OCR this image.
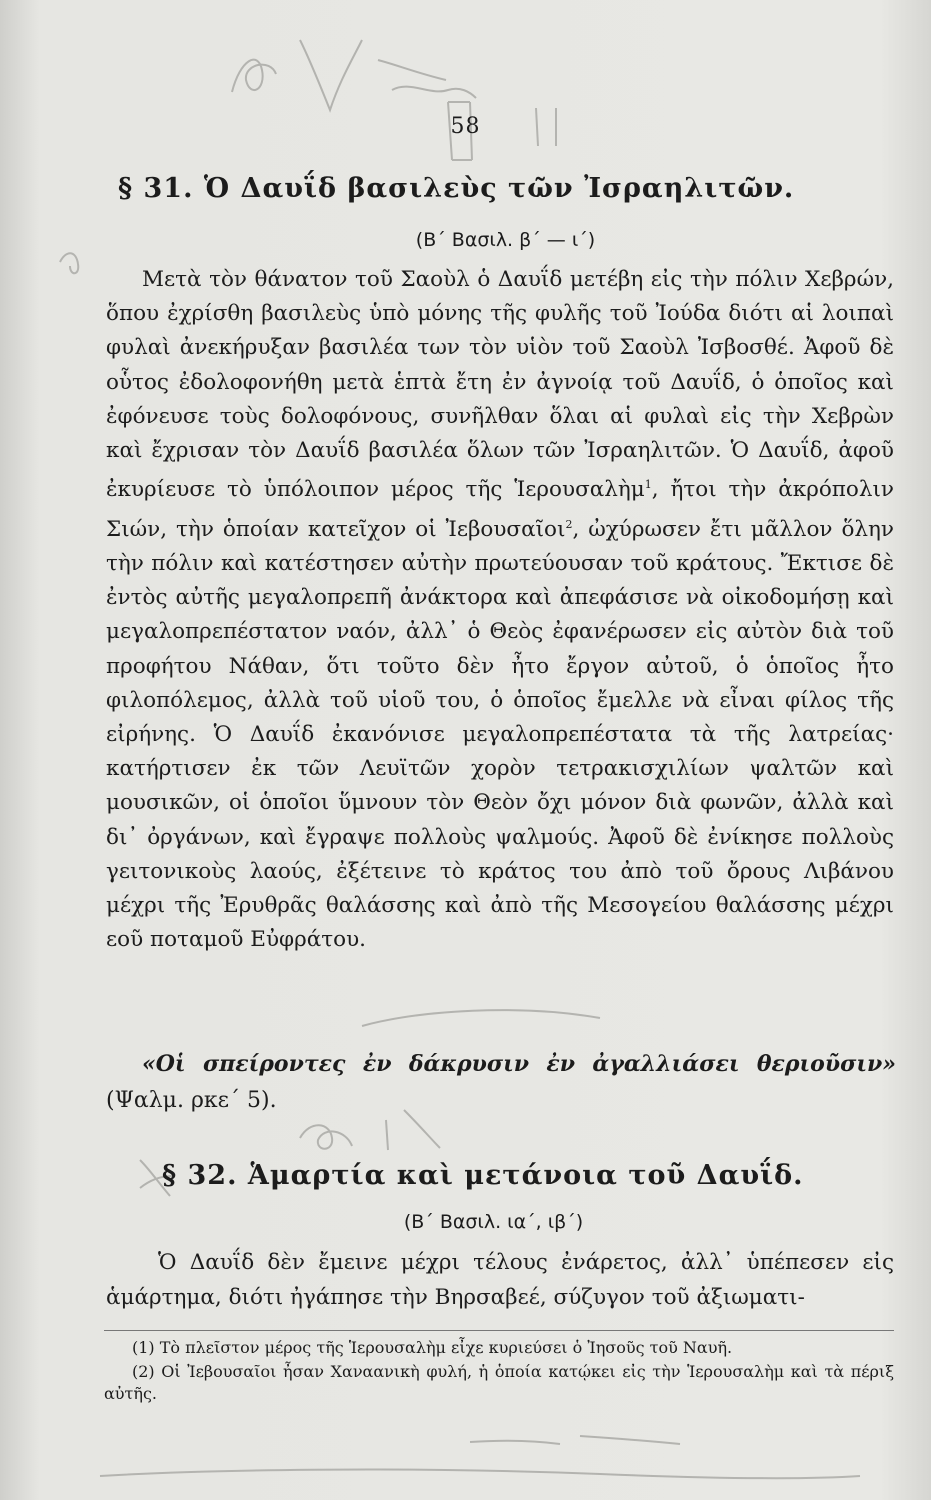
58
§ 31. Ὁ Δαυΐδ βασιλεὺς τῶν Ἰσραηλιτῶν.
(Β΄ Βασιλ. β΄ — ι΄)
Μετὰ τὸν θάνατον τοῦ Σαοὺλ ὁ Δαυΐδ μετέβη εἰς τὴν πόλιν Χεβρών, ὅπου ἐχρίσθη βασιλεὺς ὑπὸ μόνης τῆς φυλῆς τοῦ Ἰούδα διότι αἱ λοιπαὶ φυλαὶ ἀνεκήρυξαν βασιλέα των τὸν υἱὸν τοῦ Σαοὺλ Ἰσβοσθέ. Ἀφοῦ δὲ οὗτος ἐδολοφονήθη μετὰ ἑπτὰ ἔτη ἐν ἀγνοίᾳ τοῦ Δαυΐδ, ὁ ὁποῖος καὶ ἐφόνευσε τοὺς δολοφόνους, συνῆλθαν ὅλαι αἱ φυλαὶ εἰς τὴν Χεβρὼν καὶ ἔχρισαν τὸν Δαυΐδ βασιλέα ὅλων τῶν Ἰσραηλιτῶν. Ὁ Δαυΐδ, ἀφοῦ ἐκυρίευσε τὸ ὑπόλοιπον μέρος τῆς Ἱερουσαλὴμ$^1$, ἤτοι τὴν ἀκρόπολιν Σιών, τὴν ὁποίαν κατεῖχον οἱ Ἰεβουσαῖοι$^2$, ὠχύρωσεν ἔτι μᾶλλον ὅλην τὴν πόλιν καὶ κατέστησεν αὐτὴν πρωτεύουσαν τοῦ κράτους. Ἔκτισε δὲ ἐντὸς αὐτῆς μεγαλοπρεπῆ ἀνάκτορα καὶ ἀπεφάσισε νὰ οἰκοδομήσῃ καὶ μεγαλοπρεπέστατον ναόν, ἀλλ᾽ ὁ Θεὸς ἐφανέρωσεν εἰς αὐτὸν διὰ τοῦ προφήτου Νάθαν, ὅτι τοῦτο δὲν ἦτο ἔργον αὐτοῦ, ὁ ὁποῖος ἦτο φιλοπόλεμος, ἀλλὰ τοῦ υἱοῦ του, ὁ ὁποῖος ἔμελλε νὰ εἶναι φίλος τῆς εἰρήνης. Ὁ Δαυΐδ ἐκανόνισε μεγαλοπρεπέστατα τὰ τῆς λατρείας· κατήρτισεν ἐκ τῶν Λευϊτῶν χορὸν τετρακισχιλίων ψαλτῶν καὶ μουσικῶν, οἱ ὁποῖοι ὕμνουν τὸν Θεὸν ὄχι μόνον διὰ φωνῶν, ἀλλὰ καὶ δι᾽ ὀργάνων, καὶ ἔγραψε πολλοὺς ψαλμούς. Ἀφοῦ δὲ ἐνίκησε πολλοὺς γειτονικοὺς λαούς, ἐξέτεινε τὸ κράτος του ἀπὸ τοῦ ὄρους Λιβάνου μέχρι τῆς Ἐρυθρᾶς θαλάσσης καὶ ἀπὸ τῆς Μεσογείου θαλάσσης μέχρι εοῦ ποταμοῦ Εὐφράτου.
«Οἱ σπείροντες ἐν δάκρυσιν ἐν ἀγαλλιάσει θεριοῦσιν» (Ψαλμ. ρκε΄ 5).
§ 32. Ἁμαρτία καὶ μετάνοια τοῦ Δαυΐδ.
(Β΄ Βασιλ. ια΄, ιβ΄)
Ὁ Δαυΐδ δὲν ἔμεινε μέχρι τέλους ἐνάρετος, ἀλλ᾽ ὑπέπεσεν εἰς ἁμάρτημα, διότι ἠγάπησε τὴν Βηρσαβεέ, σύζυγον τοῦ ἀξιωματι-
(1) Τὸ πλεῖστον μέρος τῆς Ἱερουσαλὴμ εἶχε κυριεύσει ὁ Ἰησοῦς τοῦ Ναυῆ.
(2) Οἱ Ἰεβουσαῖοι ἦσαν Χαναανικὴ φυλή, ἡ ὁποία κατῴκει εἰς τὴν Ἱερουσαλὴμ καὶ τὰ πέριξ αὐτῆς.
